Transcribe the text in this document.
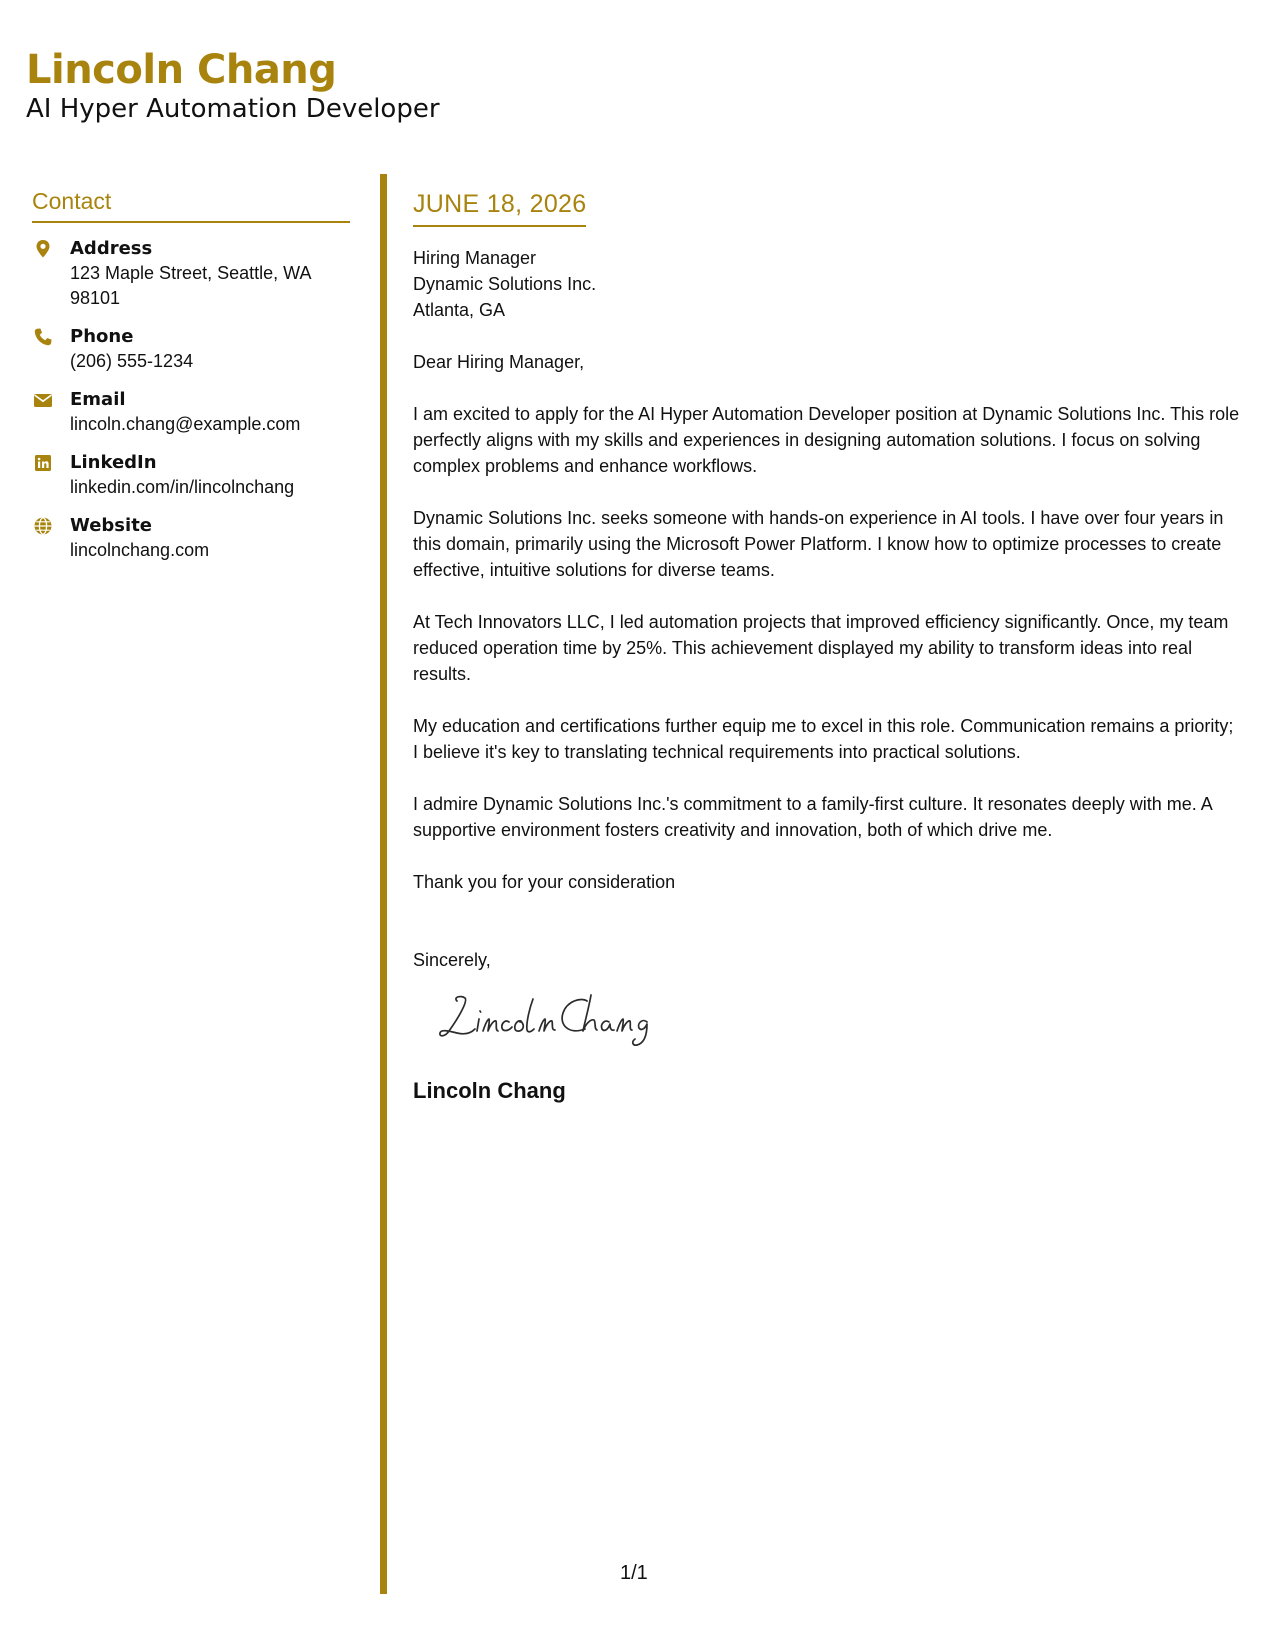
Lincoln Chang
AI Hyper Automation Developer
Contact
Address
123 Maple Street, Seattle, WA 98101
Phone
(206) 555-1234
Email
lincoln.chang@example.com
LinkedIn
linkedin.com/in/lincolnchang
Website
lincolnchang.com
JUNE 18, 2026
Hiring Manager
Dynamic Solutions Inc.
Atlanta, GA
Dear Hiring Manager,
I am excited to apply for the AI Hyper Automation Developer position at Dynamic Solutions Inc. This role perfectly aligns with my skills and experiences in designing automation solutions. I focus on solving complex problems and enhance workflows.
Dynamic Solutions Inc. seeks someone with hands-on experience in AI tools. I have over four years in this domain, primarily using the Microsoft Power Platform. I know how to optimize processes to create effective, intuitive solutions for diverse teams.
At Tech Innovators LLC, I led automation projects that improved efficiency significantly. Once, my team reduced operation time by 25%. This achievement displayed my ability to transform ideas into real results.
My education and certifications further equip me to excel in this role. Communication remains a priority; I believe it's key to translating technical requirements into practical solutions.
I admire Dynamic Solutions Inc.'s commitment to a family-first culture. It resonates deeply with me. A supportive environment fosters creativity and innovation, both of which drive me.
Thank you for your consideration
Sincerely,
Lincoln Chang
1/1
